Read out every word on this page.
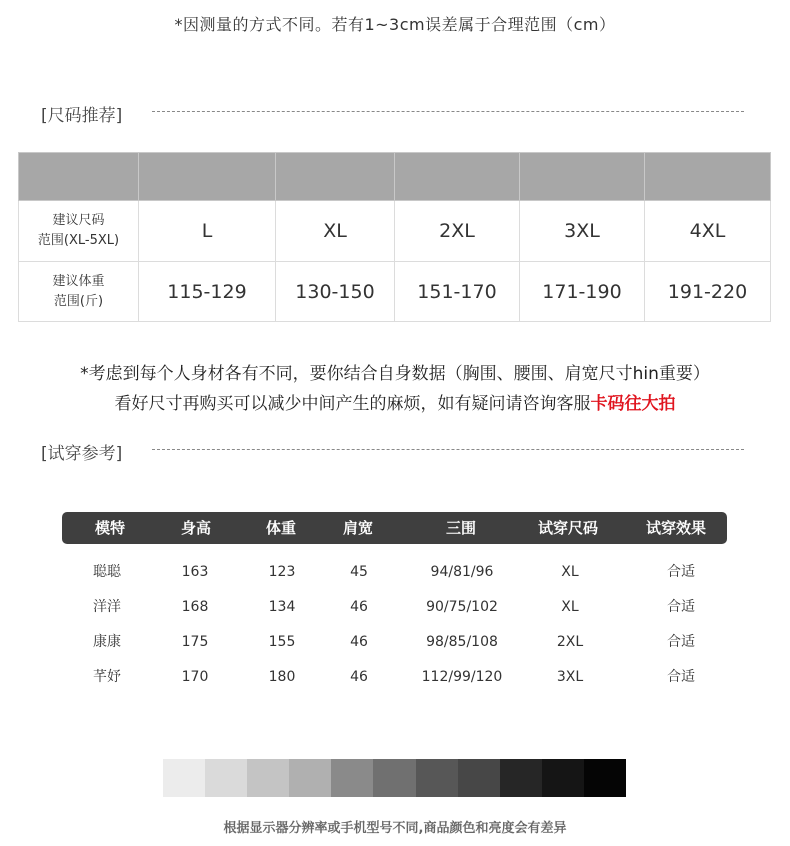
*因测量的方式不同。若有1~3cm误差属于合理范围（cm）
[尺码推荐]

建议尺码
范围(XL-5XL)	L	XL	2XL	3XL	4XL

建议体重
范围(斤)	115-129	130-150	151-170	171-190	191-220
*考虑到每个人身材各有不同，要你结合自身数据（胸围、腰围、肩宽尺寸hin重要）
看好尺寸再购买可以减少中间产生的麻烦，如有疑问请咨询客服卡码往大拍
[试穿参考]
模特	身高	体重	肩宽	三围	试穿尺码	试穿效果
聪聪	163	123	45	94/81/96	XL	合适
洋洋	168	134	46	90/75/102	XL	合适
康康	175	155	46	98/85/108	2XL	合适
芊妤	170	180	46	112/99/120	3XL	合适
根据显示器分辨率或手机型号不同,商品颜色和亮度会有差异
